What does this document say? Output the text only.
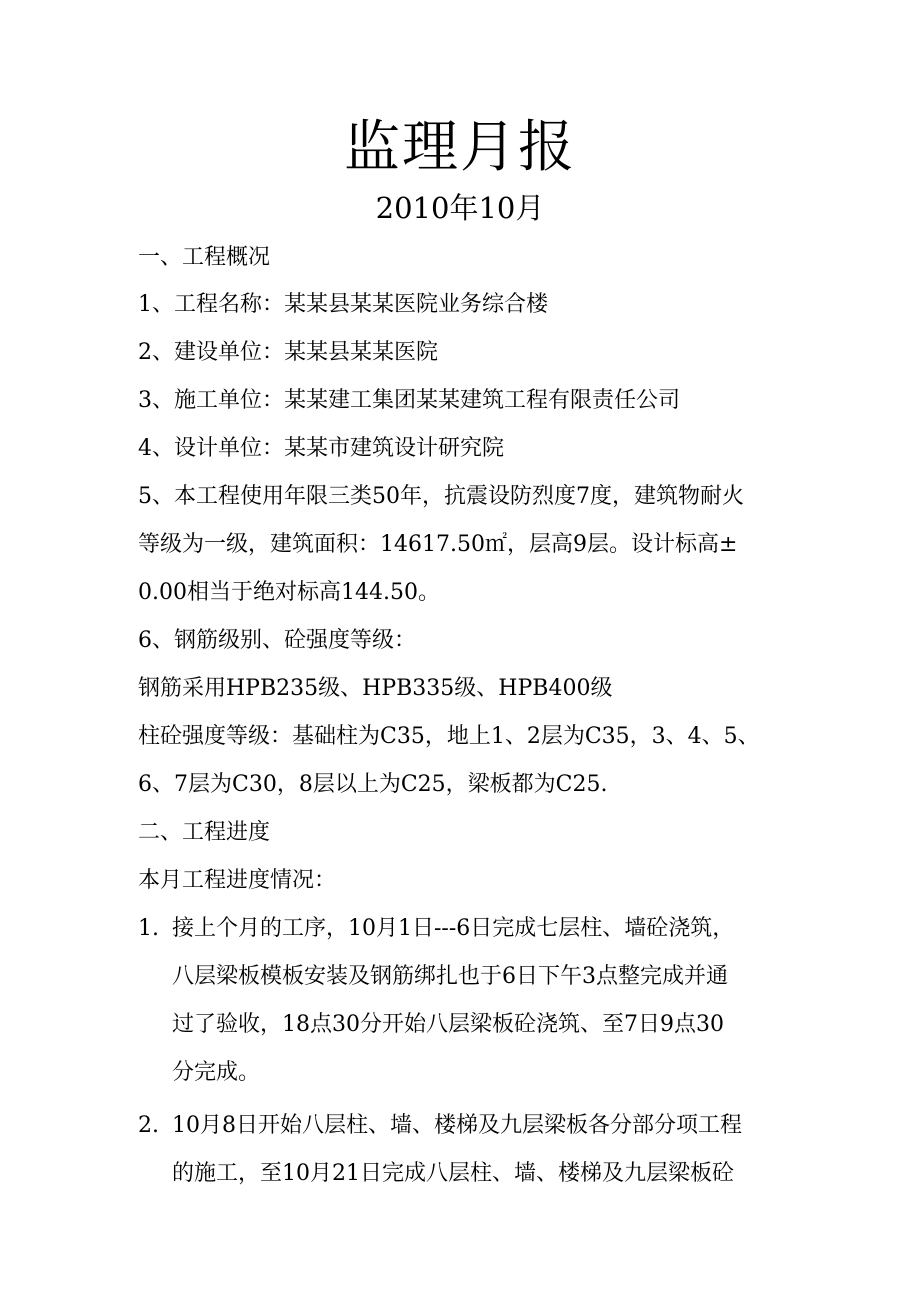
监理月报
2010年10月
一、工程概况
1、工程名称：某某县某某医院业务综合楼
2、建设单位：某某县某某医院
3、施工单位：某某建工集团某某建筑工程有限责任公司
4、设计单位：某某市建筑设计研究院
5、本工程使用年限三类50年，抗震设防烈度7度，建筑物耐火
等级为一级，建筑面积：14617.50㎡，层高9层。设计标高±
0.00相当于绝对标高144.50。
6、钢筋级别、砼强度等级：
钢筋采用HPB235级、HPB335级、HPB400级
柱砼强度等级：基础柱为C35，地上1、2层为C35，3、4、5、
6、7层为C30，8层以上为C25，梁板都为C25.
二、工程进度
本月工程进度情况：
1. 接上个月的工序，10月1日---6日完成七层柱、墙砼浇筑，
八层梁板模板安装及钢筋绑扎也于6日下午3点整完成并通
过了验收，18点30分开始八层梁板砼浇筑、至7日9点30
分完成。
2. 10月8日开始八层柱、墙、楼梯及九层梁板各分部分项工程
的施工，至10月21日完成八层柱、墙、楼梯及九层梁板砼
